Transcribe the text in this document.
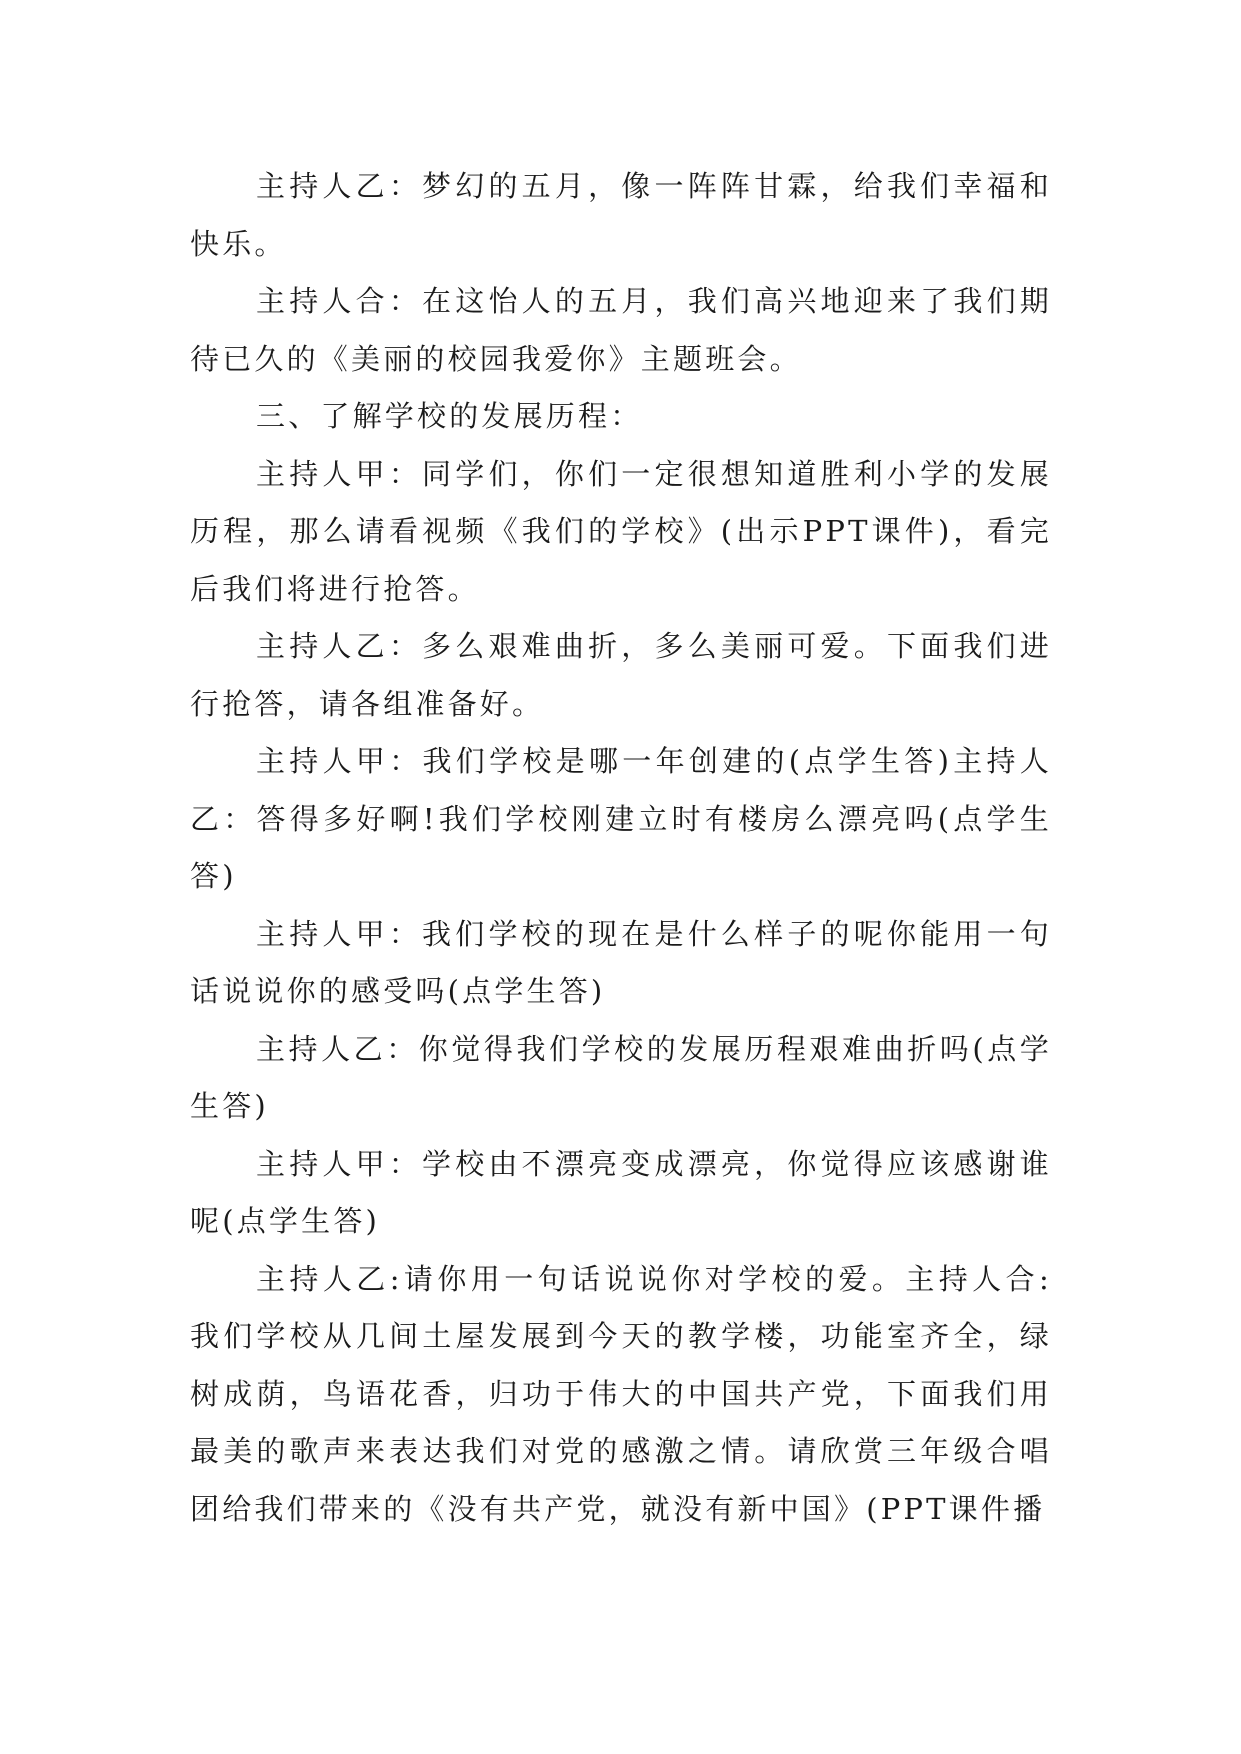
主持人乙：梦幻的五月，像一阵阵甘霖，给我们幸福和快乐。

主持人合：在这怡人的五月，我们高兴地迎来了我们期待已久的《美丽的校园我爱你》主题班会。

三、了解学校的发展历程：

主持人甲：同学们，你们一定很想知道胜利小学的发展历程，那么请看视频《我们的学校》(出示PPT课件)，看完后我们将进行抢答。

主持人乙：多么艰难曲折，多么美丽可爱。下面我们进行抢答，请各组准备好。

主持人甲：我们学校是哪一年创建的(点学生答)主持人乙：答得多好啊!我们学校刚建立时有楼房么漂亮吗(点学生答)

主持人甲：我们学校的现在是什么样子的呢你能用一句话说说你的感受吗(点学生答)

主持人乙：你觉得我们学校的发展历程艰难曲折吗(点学生答)

主持人甲：学校由不漂亮变成漂亮，你觉得应该感谢谁呢(点学生答)

主持人乙:请你用一句话说说你对学校的爱。主持人合:我们学校从几间土屋发展到今天的教学楼，功能室齐全，绿树成荫，鸟语花香，归功于伟大的中国共产党，下面我们用最美的歌声来表达我们对党的感激之情。请欣赏三年级合唱团给我们带来的《没有共产党，就没有新中国》(PPT课件播
